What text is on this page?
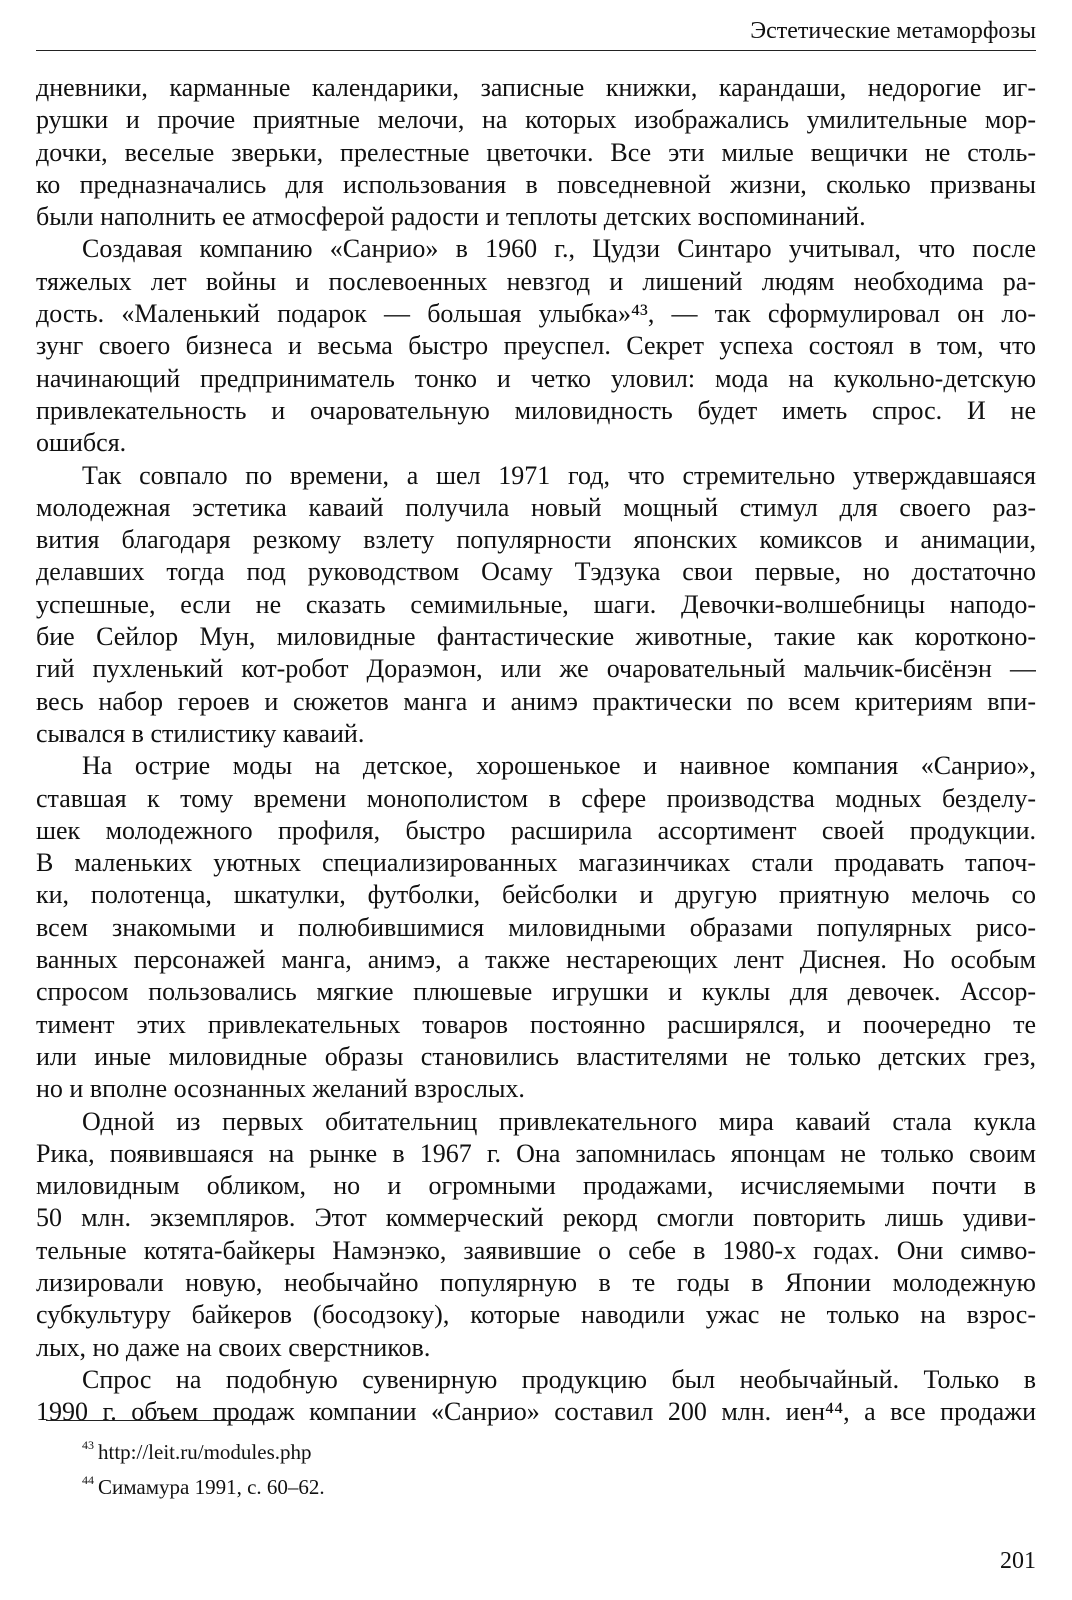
Эстетические метаморфозы
дневники, карманные календарики, записные книжки, карандаши, недорогие иг-
рушки и прочие приятные мелочи, на которых изображались умилительные мор-
дочки, веселые зверьки, прелестные цветочки. Все эти милые вещички не столь-
ко предназначались для использования в повседневной жизни, сколько призваны
были наполнить ее атмосферой радости и теплоты детских воспоминаний.
Создавая компанию «Санрио» в 1960 г., Цудзи Синтаро учитывал, что после
тяжелых лет войны и послевоенных невзгод и лишений людям необходима ра-
дость. «Маленький подарок — большая улыбка»⁴³, — так сформулировал он ло-
зунг своего бизнеса и весьма быстро преуспел. Секрет успеха состоял в том, что
начинающий предприниматель тонко и четко уловил: мода на кукольно-детскую
привлекательность и очаровательную миловидность будет иметь спрос. И не
ошибся.
Так совпало по времени, а шел 1971 год, что стремительно утверждавшаяся
молодежная эстетика каваий получила новый мощный стимул для своего раз-
вития благодаря резкому взлету популярности японских комиксов и анимации,
делавших тогда под руководством Осаму Тэдзука свои первые, но достаточно
успешные, если не сказать семимильные, шаги. Девочки-волшебницы наподо-
бие Сейлор Мун, миловидные фантастические животные, такие как коротконо-
гий пухленький кот-робот Дораэмон, или же очаровательный мальчик-бисёнэн —
весь набор героев и сюжетов манга и анимэ практически по всем критериям впи-
сывался в стилистику каваий.
На острие моды на детское, хорошенькое и наивное компания «Санрио»,
ставшая к тому времени монополистом в сфере производства модных безделу-
шек молодежного профиля, быстро расширила ассортимент своей продукции.
В маленьких уютных специализированных магазинчиках стали продавать тапоч-
ки, полотенца, шкатулки, футболки, бейсболки и другую приятную мелочь со
всем знакомыми и полюбившимися миловидными образами популярных рисо-
ванных персонажей манга, анимэ, а также нестареющих лент Диснея. Но особым
спросом пользовались мягкие плюшевые игрушки и куклы для девочек. Ассор-
тимент этих привлекательных товаров постоянно расширялся, и поочередно те
или иные миловидные образы становились властителями не только детских грез,
но и вполне осознанных желаний взрослых.
Одной из первых обитательниц привлекательного мира каваий стала кукла
Рика, появившаяся на рынке в 1967 г. Она запомнилась японцам не только своим
миловидным обликом, но и огромными продажами, исчисляемыми почти в
50 млн. экземпляров. Этот коммерческий рекорд смогли повторить лишь удиви-
тельные котята-байкеры Намэнэко, заявившие о себе в 1980-х годах. Они симво-
лизировали новую, необычайно популярную в те годы в Японии молодежную
субкультуру байкеров (босодзоку), которые наводили ужас не только на взрос-
лых, но даже на своих сверстников.
Спрос на подобную сувенирную продукцию был необычайный. Только в
1990 г. объем продаж компании «Санрио» составил 200 млн. иен⁴⁴, а все продажи
$^{43}$ http://leit.ru/modules.php
$^{44}$ Симамура 1991, с. 60–62.
201
